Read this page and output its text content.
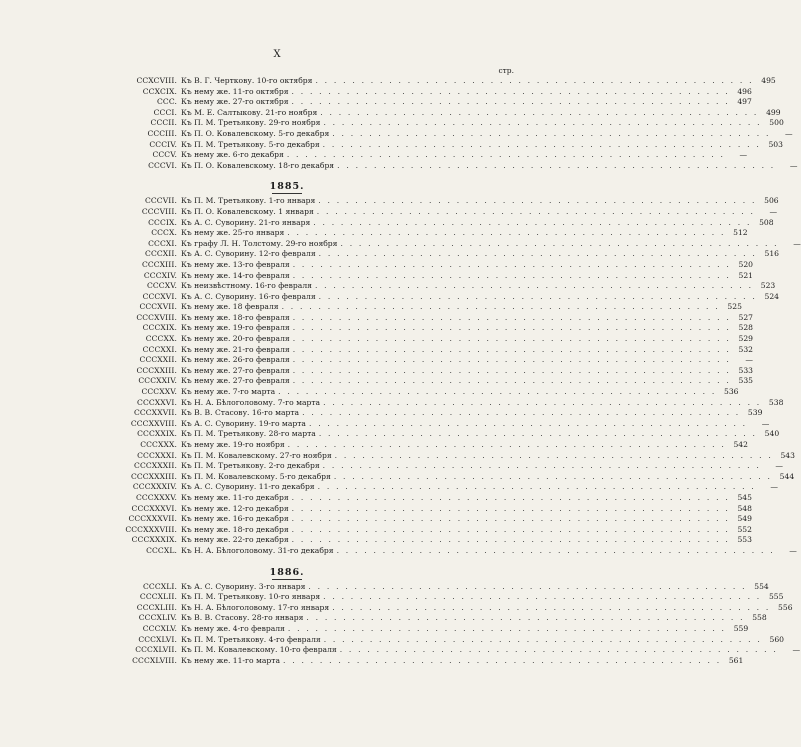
X
стр.
CCXCVIII. Къ В. Г. Черткову. 10-го октября . . . . . . . . . . . . . . . . . . . . . . . . . . . . . . . . . . . . . . . . . . . . . . . . 495
CCXCIX. Къ нему же. 11-го октября . . . . . . . . . . . . . . . . . . . . . . . . . . . . . . . . . . . . . . . . . . . . . . . . 496
CCC. Къ нему же. 27-го октября . . . . . . . . . . . . . . . . . . . . . . . . . . . . . . . . . . . . . . . . . . . . . . . . 497
CCCI. Къ М. Е. Салтыкову. 21-го ноября . . . . . . . . . . . . . . . . . . . . . . . . . . . . . . . . . . . . . . . . . . . . . . . . 499
CCCII. Къ П. М. Третьякову. 29-го ноября . . . . . . . . . . . . . . . . . . . . . . . . . . . . . . . . . . . . . . . . . . . . . . . . 500
CCCIII. Къ П. О. Ковалевскому. 5-го декабря . . . . . . . . . . . . . . . . . . . . . . . . . . . . . . . . . . . . . . . . . . . . . . . .	—
CCCIV. Къ П. М. Третьякову. 5-го декабря . . . . . . . . . . . . . . . . . . . . . . . . . . . . . . . . . . . . . . . . . . . . . . . . 503
CCCV. Къ нему же. 6-го декабря . . . . . . . . . . . . . . . . . . . . . . . . . . . . . . . . . . . . . . . . . . . . . . . .	—
CCCVI. Къ П. О. Ковалевскому. 18-го декабря . . . . . . . . . . . . . . . . . . . . . . . . . . . . . . . . . . . . . . . . . . . . . . . .	—
1885.
CCCVII. Къ П. М. Третьякову. 1-го января . . . . . . . . . . . . . . . . . . . . . . . . . . . . . . . . . . . . . . . . . . . . . . . . 506
CCCVIII. Къ П. О. Ковалевскому. 1 января . . . . . . . . . . . . . . . . . . . . . . . . . . . . . . . . . . . . . . . . . . . . . . . .	—
CCCIX. Къ А. С. Суворину. 21-го января . . . . . . . . . . . . . . . . . . . . . . . . . . . . . . . . . . . . . . . . . . . . . . . . 508
CCCX. Къ нему же. 25-го января . . . . . . . . . . . . . . . . . . . . . . . . . . . . . . . . . . . . . . . . . . . . . . . . 512
CCCXI. Къ графу Л. Н. Толстому. 29-го ноября . . . . . . . . . . . . . . . . . . . . . . . . . . . . . . . . . . . . . . . . . . . . . . . .	—
CCCXII. Къ А. С. Суворину. 12-го февраля . . . . . . . . . . . . . . . . . . . . . . . . . . . . . . . . . . . . . . . . . . . . . . . . 516
CCCXIII. Къ нему же. 13-го февраля . . . . . . . . . . . . . . . . . . . . . . . . . . . . . . . . . . . . . . . . . . . . . . . . 520
CCCXIV. Къ нему же. 14-го февраля . . . . . . . . . . . . . . . . . . . . . . . . . . . . . . . . . . . . . . . . . . . . . . . . 521
CCCXV. Къ неизвѣстному. 16-го февраля . . . . . . . . . . . . . . . . . . . . . . . . . . . . . . . . . . . . . . . . . . . . . . . . 523
CCCXVI. Къ А. С. Суворину. 16-го февраля . . . . . . . . . . . . . . . . . . . . . . . . . . . . . . . . . . . . . . . . . . . . . . . . 524
CCCXVII. Къ нему же. 18 февраля . . . . . . . . . . . . . . . . . . . . . . . . . . . . . . . . . . . . . . . . . . . . . . . . 525
CCCXVIII. Къ нему же. 18-го февраля . . . . . . . . . . . . . . . . . . . . . . . . . . . . . . . . . . . . . . . . . . . . . . . . 527
CCCXIX. Къ нему же. 19-го февраля . . . . . . . . . . . . . . . . . . . . . . . . . . . . . . . . . . . . . . . . . . . . . . . . 528
CCCXX. Къ нему же. 20-го февраля . . . . . . . . . . . . . . . . . . . . . . . . . . . . . . . . . . . . . . . . . . . . . . . . 529
CCCXXI. Къ нему же. 21-го февраля . . . . . . . . . . . . . . . . . . . . . . . . . . . . . . . . . . . . . . . . . . . . . . . . 532
CCCXXII. Къ нему же. 26-го февраля . . . . . . . . . . . . . . . . . . . . . . . . . . . . . . . . . . . . . . . . . . . . . . . .	—
CCCXXIII. Къ нему же. 27-го февраля . . . . . . . . . . . . . . . . . . . . . . . . . . . . . . . . . . . . . . . . . . . . . . . . 533
CCCXXIV. Къ нему же. 27-го февраля . . . . . . . . . . . . . . . . . . . . . . . . . . . . . . . . . . . . . . . . . . . . . . . . 535
CCCXXV. Къ нему же. 7-го марта . . . . . . . . . . . . . . . . . . . . . . . . . . . . . . . . . . . . . . . . . . . . . . . . 536
CCCXXVI. Къ Н. А. Бѣлоголовому. 7-го марта . . . . . . . . . . . . . . . . . . . . . . . . . . . . . . . . . . . . . . . . . . . . . . . . 538
CCCXXVII. Къ В. В. Стасову. 16-го марта . . . . . . . . . . . . . . . . . . . . . . . . . . . . . . . . . . . . . . . . . . . . . . . . 539
CCCXXVIII. Къ А. С. Суворину. 19-го марта . . . . . . . . . . . . . . . . . . . . . . . . . . . . . . . . . . . . . . . . . . . . . . . .	—
CCCXXIX. Къ П. М. Третьякову. 28-го марта . . . . . . . . . . . . . . . . . . . . . . . . . . . . . . . . . . . . . . . . . . . . . . . . 540
CCCXXX. Къ нему же. 19-го ноября . . . . . . . . . . . . . . . . . . . . . . . . . . . . . . . . . . . . . . . . . . . . . . . . 542
CCCXXXI. Къ П. М. Ковалевскому. 27-го ноября . . . . . . . . . . . . . . . . . . . . . . . . . . . . . . . . . . . . . . . . . . . . . . . . 543
CCCXXXII. Къ П. М. Третьякову. 2-го декабря . . . . . . . . . . . . . . . . . . . . . . . . . . . . . . . . . . . . . . . . . . . . . . . .	—
CCCXXXIII. Къ П. М. Ковалевскому. 5-го декабря . . . . . . . . . . . . . . . . . . . . . . . . . . . . . . . . . . . . . . . . . . . . . . . . 544
CCCXXXIV. Къ А. С. Суворину. 11-го декабря . . . . . . . . . . . . . . . . . . . . . . . . . . . . . . . . . . . . . . . . . . . . . . . .	—
CCCXXXV. Къ нему же. 11-го декабря . . . . . . . . . . . . . . . . . . . . . . . . . . . . . . . . . . . . . . . . . . . . . . . . 545
CCCXXXVI. Къ нему же. 12-го декабря . . . . . . . . . . . . . . . . . . . . . . . . . . . . . . . . . . . . . . . . . . . . . . . . 548
CCCXXXVII. Къ нему же. 16-го декабря . . . . . . . . . . . . . . . . . . . . . . . . . . . . . . . . . . . . . . . . . . . . . . . . 549
CCCXXXVIII. Къ нему же. 18-го декабря . . . . . . . . . . . . . . . . . . . . . . . . . . . . . . . . . . . . . . . . . . . . . . . . 552
CCCXXXIX. Къ нему же. 22-го декабря . . . . . . . . . . . . . . . . . . . . . . . . . . . . . . . . . . . . . . . . . . . . . . . . 553
CCCXL. Къ Н. А. Бѣлоголовому. 31-го декабря . . . . . . . . . . . . . . . . . . . . . . . . . . . . . . . . . . . . . . . . . . . . . . . .	—
1886.
CCCXLI. Къ А. С. Суворину. 3-го января . . . . . . . . . . . . . . . . . . . . . . . . . . . . . . . . . . . . . . . . . . . . . . . . 554
CCCXLII. Къ П. М. Третьякову. 10-го января . . . . . . . . . . . . . . . . . . . . . . . . . . . . . . . . . . . . . . . . . . . . . . . . 555
CCCXLIII. Къ Н. А. Бѣлоголовому. 17-го января . . . . . . . . . . . . . . . . . . . . . . . . . . . . . . . . . . . . . . . . . . . . . . . . 556
CCCXLIV. Къ В. В. Стасову. 28-го января . . . . . . . . . . . . . . . . . . . . . . . . . . . . . . . . . . . . . . . . . . . . . . . . 558
CCCXLV. Къ нему же. 4-го февраля . . . . . . . . . . . . . . . . . . . . . . . . . . . . . . . . . . . . . . . . . . . . . . . . 559
CCCXLVI. Къ П. М. Третьякову. 4-го февраля . . . . . . . . . . . . . . . . . . . . . . . . . . . . . . . . . . . . . . . . . . . . . . . . 560
CCCXLVII. Къ П. М. Ковалевскому. 10-го февраля . . . . . . . . . . . . . . . . . . . . . . . . . . . . . . . . . . . . . . . . . . . . . . . .	—
CCCXLVIII. Къ нему же. 11-го марта . . . . . . . . . . . . . . . . . . . . . . . . . . . . . . . . . . . . . . . . . . . . . . . . 561
